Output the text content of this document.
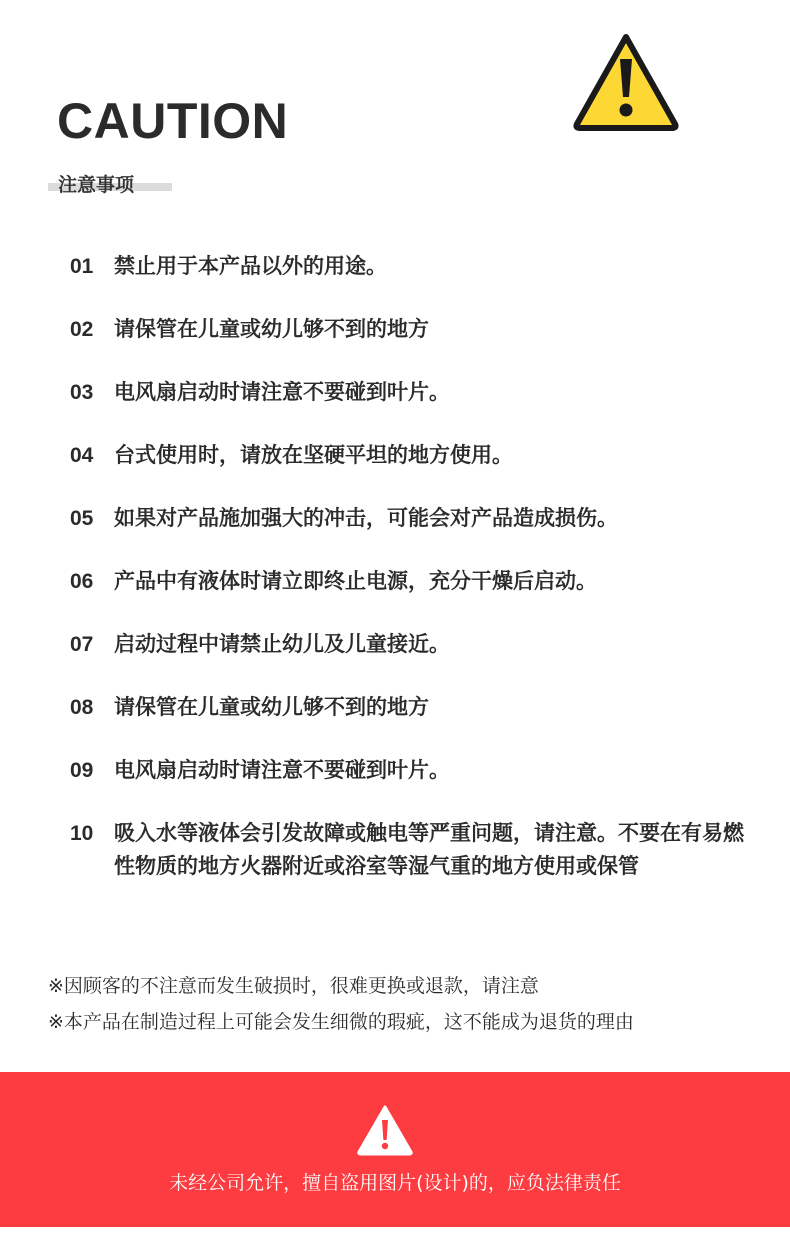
CAUTION
注意事项
01 禁止用于本产品以外的用途。
02 请保管在儿童或幼儿够不到的地方
03 电风扇启动时请注意不要碰到叶片。
04 台式使用时，请放在坚硬平坦的地方使用。
05 如果对产品施加强大的冲击，可能会对产品造成损伤。
06 产品中有液体时请立即终止电源，充分干燥后启动。
07 启动过程中请禁止幼儿及儿童接近。
08 请保管在儿童或幼儿够不到的地方
09 电风扇启动时请注意不要碰到叶片。
10 吸入水等液体会引发故障或触电等严重问题，请注意。不要在有易燃性物质的地方火器附近或浴室等湿气重的地方使用或保管
※因顾客的不注意而发生破损时，很难更换或退款，请注意
※本产品在制造过程上可能会发生细微的瑕疵，这不能成为退货的理由
未经公司允许，擅自盗用图片(设计)的，应负法律责任
